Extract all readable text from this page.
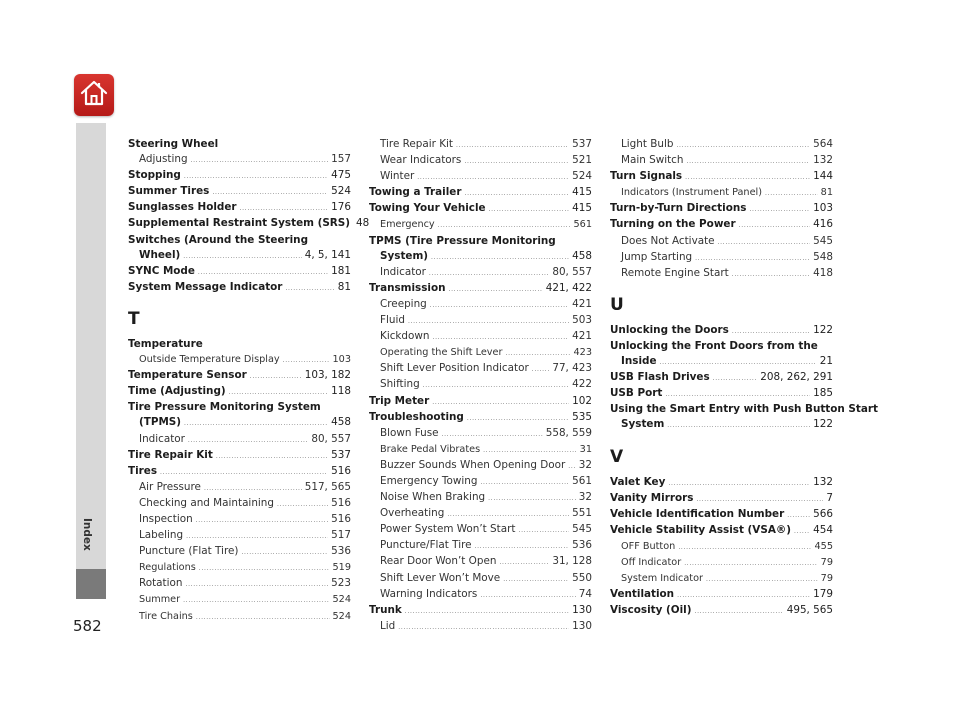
Index
582
Steering Wheel
Adjusting . . .	157
Stopping . . .	475
Summer Tires . . .	524
Sunglasses Holder . . .	176
Supplemental Restraint System (SRS) 48
Switches (Around the Steering
Wheel) . . .	4, 5, 141
SYNC Mode . . .	181
System Message Indicator . . .	81
T
Temperature
Outside Temperature Display . . .	103
Temperature Sensor . . .	103, 182
Time (Adjusting) . . .	118
Tire Pressure Monitoring System
(TPMS) . . .	458
Indicator . . .	80, 557
Tire Repair Kit . . .	537
Tires . . .	516
Air Pressure . . .	517, 565
Checking and Maintaining . . .	516
Inspection . . .	516
Labeling . . .	517
Puncture (Flat Tire) . . .	536
Regulations . . .	519
Rotation . . .	523
Summer . . .	524
Tire Chains . . .	524
Tire Repair Kit . . .	537
Wear Indicators . . .	521
Winter . . .	524
Towing a Trailer . . .	415
Towing Your Vehicle . . .	415
Emergency . . .	561
TPMS (Tire Pressure Monitoring
System) . . .	458
Indicator . . .	80, 557
Transmission . . .	421, 422
Creeping . . .	421
Fluid . . .	503
Kickdown . . .	421
Operating the Shift Lever . . .	423
Shift Lever Position Indicator . . . 77, 423
Shifting . . .	422
Trip Meter . . .	102
Troubleshooting . . .	535
Blown Fuse . . .	558, 559
Brake Pedal Vibrates . . .	31
Buzzer Sounds When Opening Door . . . 32
Emergency Towing . . .	561
Noise When Braking . . .	32
Overheating . . .	551
Power System Won’t Start . . .	545
Puncture/Flat Tire . . .	536
Rear Door Won’t Open . . .	31, 128
Shift Lever Won’t Move . . .	550
Warning Indicators . . .	74
Trunk . . .	130
Lid . . .	130
Light Bulb . . .	564
Main Switch . . .	132
Turn Signals . . .	144
Indicators (Instrument Panel) . . .	81
Turn-by-Turn Directions . . .	103
Turning on the Power . . .	416
Does Not Activate . . .	545
Jump Starting . . .	548
Remote Engine Start . . .	418
U
Unlocking the Doors . . .	122
Unlocking the Front Doors from the
Inside . . .	21
USB Flash Drives . . .	208, 262, 291
USB Port . . .	185
Using the Smart Entry with Push Button Start
System . . .	122
V
Valet Key . . .	132
Vanity Mirrors . . .	7
Vehicle Identification Number . . .	566
Vehicle Stability Assist (VSA®) . . . 454
OFF Button . . .	455
Off Indicator . . .	79
System Indicator . . .	79
Ventilation . . .	179
Viscosity (Oil) . . .	495, 565
